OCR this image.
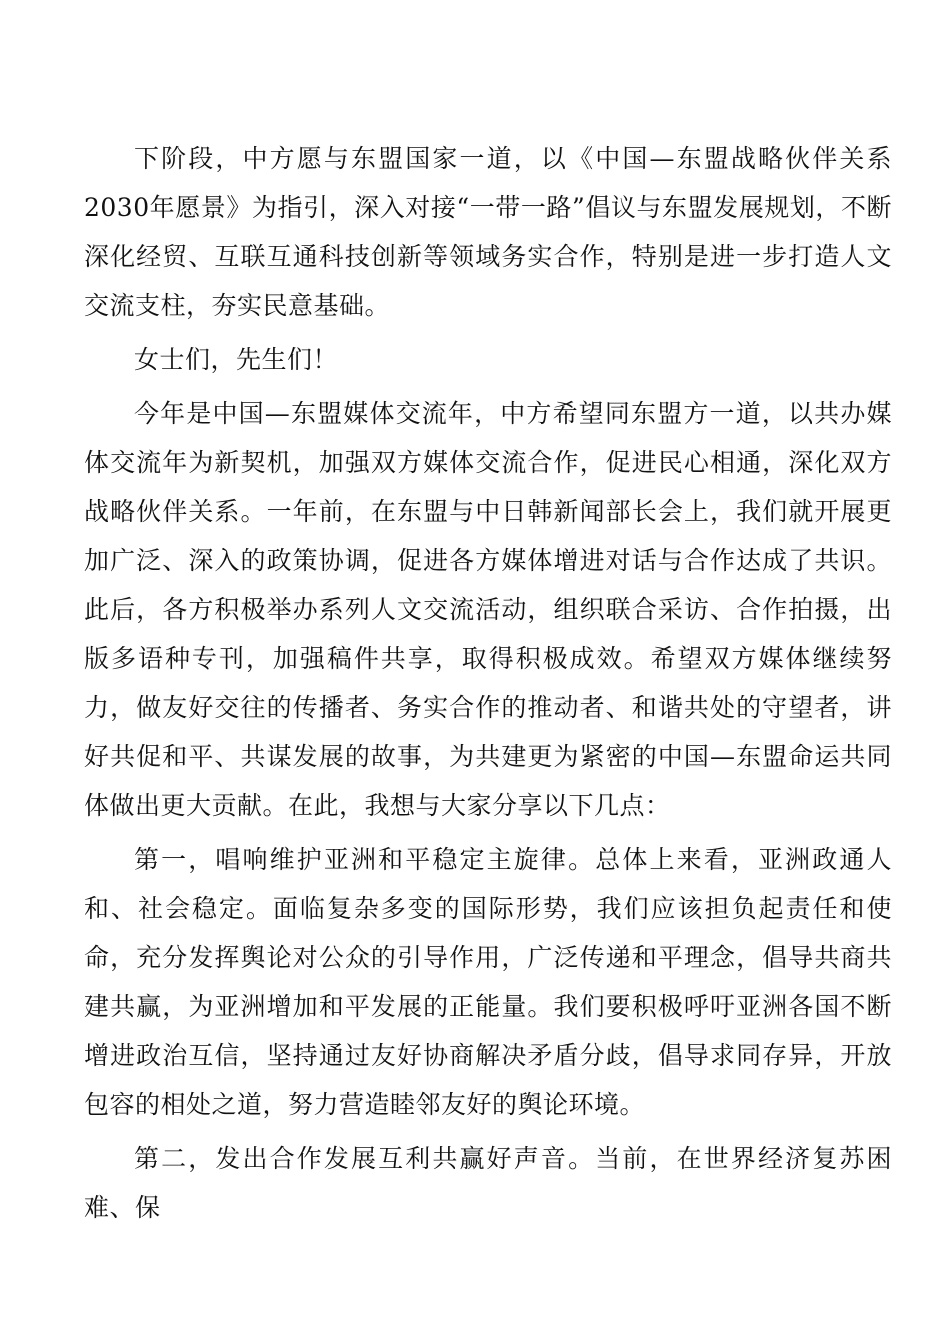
下阶段，中方愿与东盟国家一道，以《中国—东盟战略伙伴关系2030年愿景》为指引，深入对接“一带一路”倡议与东盟发展规划，不断深化经贸、互联互通科技创新等领域务实合作，特别是进一步打造人文交流支柱，夯实民意基础。

女士们，先生们！

今年是中国—东盟媒体交流年，中方希望同东盟方一道，以共办媒体交流年为新契机，加强双方媒体交流合作，促进民心相通，深化双方战略伙伴关系。一年前，在东盟与中日韩新闻部长会上，我们就开展更加广泛、深入的政策协调，促进各方媒体增进对话与合作达成了共识。此后，各方积极举办系列人文交流活动，组织联合采访、合作拍摄，出版多语种专刊，加强稿件共享，取得积极成效。希望双方媒体继续努力，做友好交往的传播者、务实合作的推动者、和谐共处的守望者，讲好共促和平、共谋发展的故事，为共建更为紧密的中国—东盟命运共同体做出更大贡献。在此，我想与大家分享以下几点：

第一，唱响维护亚洲和平稳定主旋律。总体上来看，亚洲政通人和、社会稳定。面临复杂多变的国际形势，我们应该担负起责任和使命，充分发挥舆论对公众的引导作用，广泛传递和平理念，倡导共商共建共赢，为亚洲增加和平发展的正能量。我们要积极呼吁亚洲各国不断增进政治互信，坚持通过友好协商解决矛盾分歧，倡导求同存异，开放包容的相处之道，努力营造睦邻友好的舆论环境。

第二，发出合作发展互利共赢好声音。当前，在世界经济复苏困难、保
